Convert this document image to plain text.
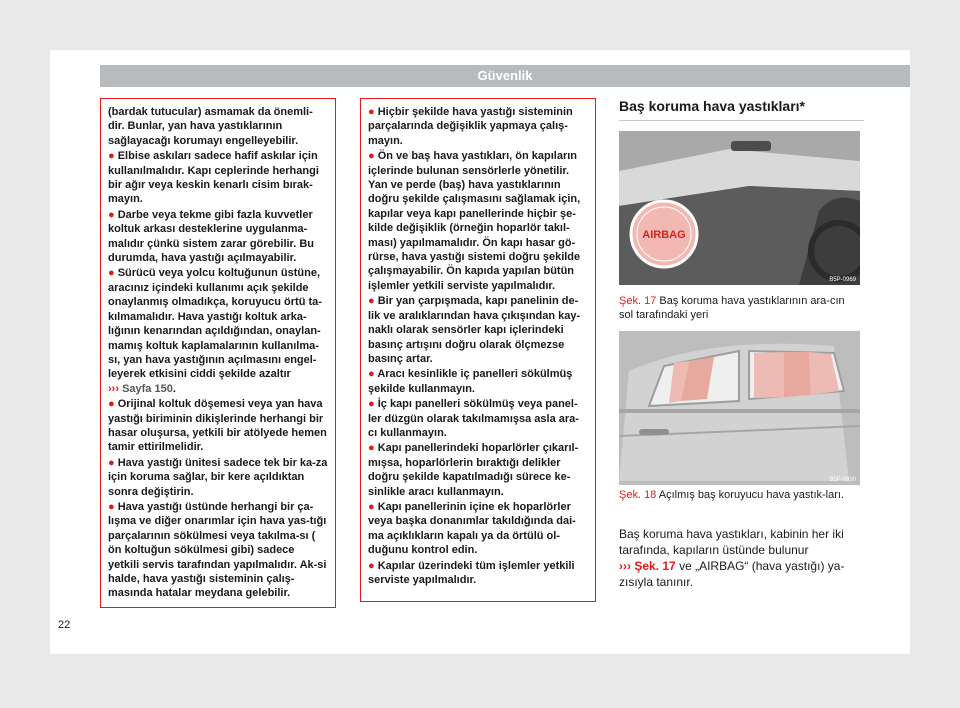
Güvenlik

(bardak tutucular) asmamak da önemli-dir. Bunlar, yan hava yastıklarının sağlayacağı korumayı engelleyebilir.

● Elbise askıları sadece hafif askılar için kullanılmalıdır. Kapı ceplerinde herhangi bir ağır veya keskin kenarlı cisim bırak-mayın.

● Darbe veya tekme gibi fazla kuvvetler koltuk arkası desteklerine uygulanma-malıdır çünkü sistem zarar görebilir. Bu durumda, hava yastığı açılmayabilir.

● Sürücü veya yolcu koltuğunun üstüne, aracınız içindeki kullanımı açık şekilde onaylanmış olmadıkça, koruyucu örtü ta-kılmamalıdır. Hava yastığı koltuk arka-lığının kenarından açıldığından, onaylan-mamış koltuk kaplamalarının kullanılma-sı, yan hava yastığının açılmasını engel-leyerek etkisini ciddi şekilde azaltır
››› Sayfa 150.

● Orijinal koltuk döşemesi veya yan hava yastığı biriminin dikişlerinde herhangi bir hasar oluşursa, yetkili bir atölyede hemen tamir ettirilmelidir.

● Hava yastığı ünitesi sadece tek bir ka-za için koruma sağlar, bir kere açıldıktan sonra değiştirin.

● Hava yastığı üstünde herhangi bir ça-lışma ve diğer onarımlar için hava yas-tığı parçalarının sökülmesi veya takılma-sı ( ön koltuğun sökülmesi gibi) sadece yetkili servis tarafından yapılmalıdır. Ak-si halde, hava yastığı sisteminin çalış-masında hatalar meydana gelebilir.

● Hiçbir şekilde hava yastığı sisteminin parçalarında değişiklik yapmaya çalış-mayın.

● Ön ve baş hava yastıkları, ön kapıların içlerinde bulunan sensörlerle yönetilir. Yan ve perde (baş) hava yastıklarının doğru şekilde çalışmasını sağlamak için, kapılar veya kapı panellerinde hiçbir şe-kilde değişiklik (örneğin hoparlör takıl-ması) yapılmamalıdır. Ön kapı hasar gö-rürse, hava yastığı sistemi doğru şekilde çalışmayabilir. Ön kapıda yapılan bütün işlemler yetkili serviste yapılmalıdır.

● Bir yan çarpışmada, kapı panelinin de-lik ve aralıklarından hava çıkışından kay-naklı olarak sensörler kapı içlerindeki basınç artışını doğru olarak ölçmezse basınç artar.

● Aracı kesinlikle iç panelleri sökülmüş şekilde kullanmayın.

● İç kapı panelleri sökülmüş veya panel-ler düzgün olarak takılmamışsa asla ara-cı kullanmayın.

● Kapı panellerindeki hoparlörler çıkarıl-mışsa, hoparlörlerin bıraktığı delikler doğru şekilde kapatılmadığı sürece ke-sinlikle aracı kullanmayın.

● Kapı panellerinin içine ek hoparlörler veya başka donanımlar takıldığında dai-ma açıklıkların kapalı ya da örtülü ol-duğunu kontrol edin.

● Kapılar üzerindeki tüm işlemler yetkili serviste yapılmalıdır.

Baş koruma hava yastıkları*
AIRBAG
B5P-0969
Şek. 17 Baş koruma hava yastıklarının ara-cın sol tarafındaki yeri
B5P-0830
Şek. 18 Açılmış baş koruyucu hava yastık-ları.
Baş koruma hava yastıkları, kabinin her iki tarafında, kapıların üstünde bulunur
››› Şek. 17 ve „AIRBAG“ (hava yastığı) ya-zısıyla tanınır.
22
